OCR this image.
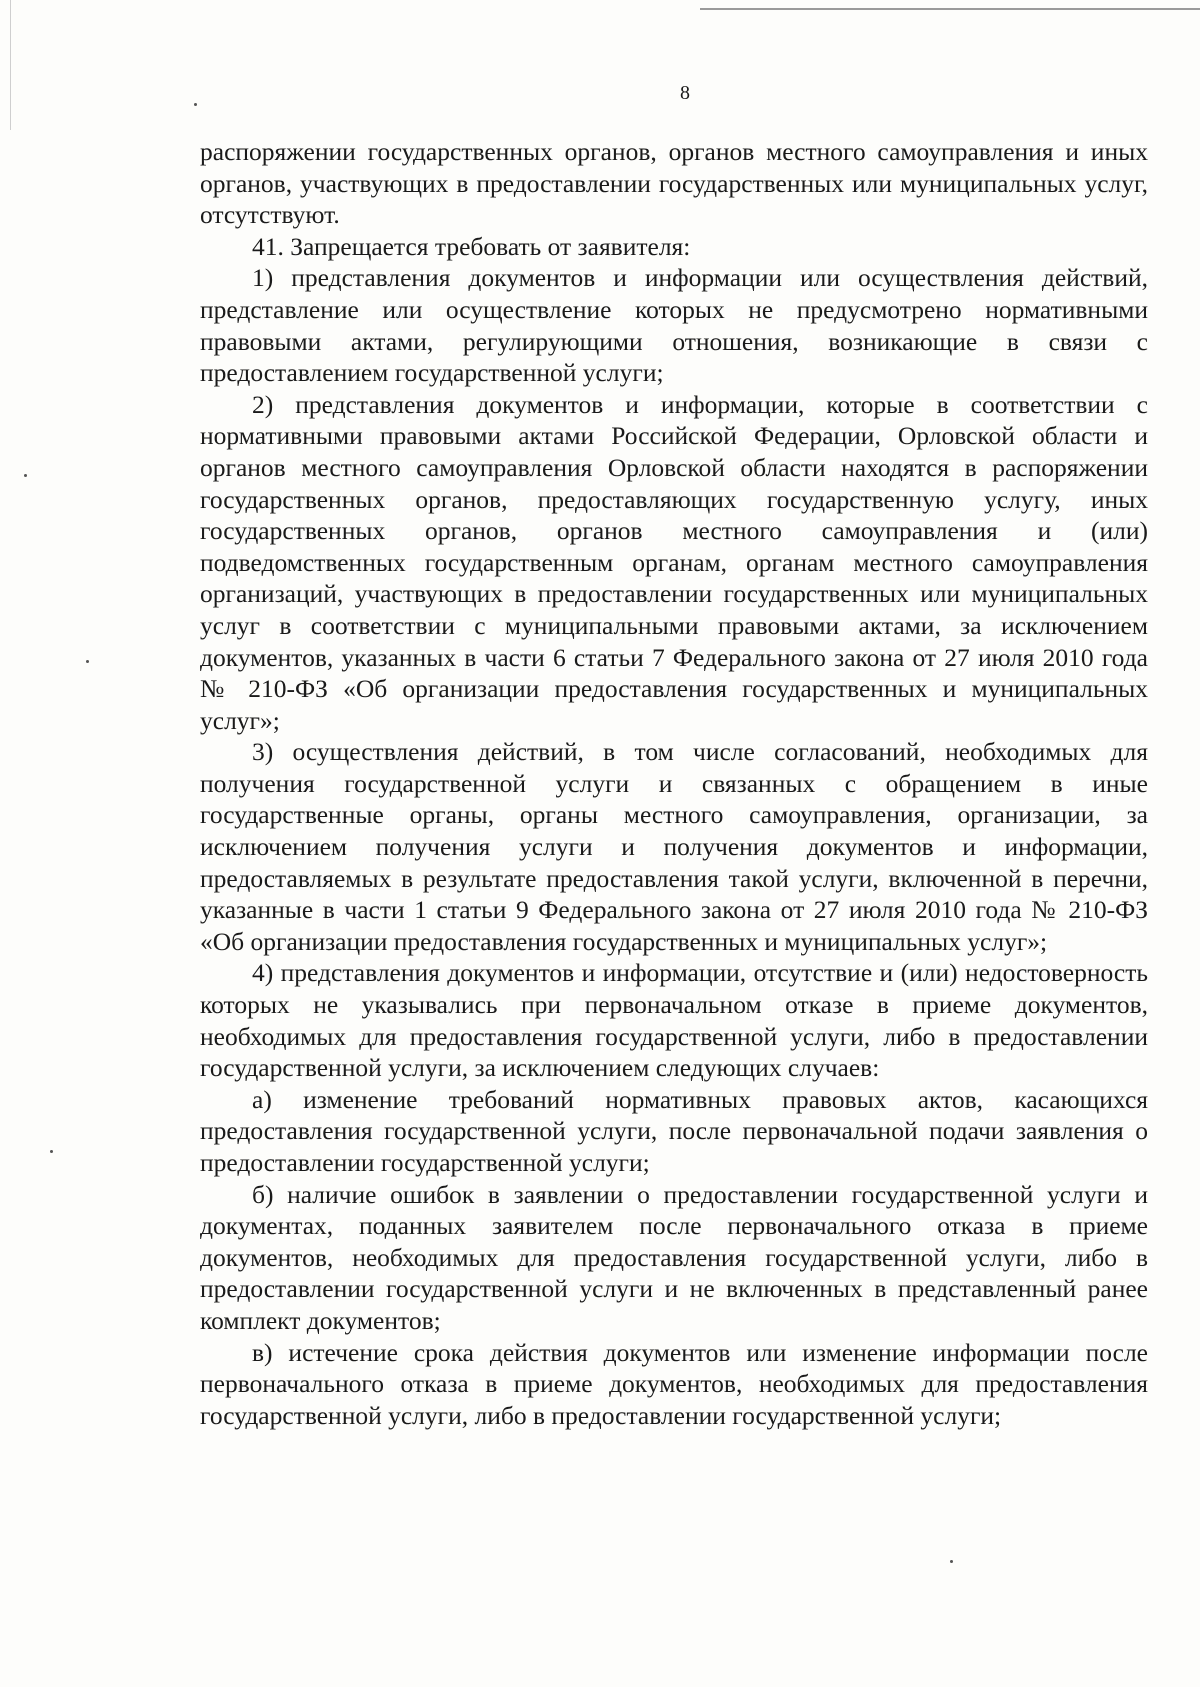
8

распоряжении государственных органов, органов местного самоуправления и иных органов, участвующих в предоставлении государственных или муниципальных услуг, отсутствуют.

41. Запрещается требовать от заявителя:

1) представления документов и информации или осуществления действий, представление или осуществление которых не предусмотрено нормативными правовыми актами, регулирующими отношения, возникающие в связи с предоставлением государственной услуги;

2) представления документов и информации, которые в соответствии с нормативными правовыми актами Российской Федерации, Орловской области и органов местного самоуправления Орловской области находятся в распоряжении государственных органов, предоставляющих государственную услугу, иных государственных органов, органов местного самоуправления и (или) подведомственных государственным органам, органам местного самоуправления организаций, участвующих в предоставлении государственных или муниципальных услуг в соответствии с муниципальными правовыми актами, за исключением документов, указанных в части 6 статьи 7 Федерального закона от 27 июля 2010 года № 210-ФЗ «Об организации предоставления государственных и муниципальных услуг»;

3) осуществления действий, в том числе согласований, необходимых для получения государственной услуги и связанных с обращением в иные государственные органы, органы местного самоуправления, организации, за исключением получения услуги и получения документов и информации, предоставляемых в результате предоставления такой услуги, включенной в перечни, указанные в части 1 статьи 9 Федерального закона от 27 июля 2010 года № 210-ФЗ «Об организации предоставления государственных и муниципальных услуг»;

4) представления документов и информации, отсутствие и (или) недостоверность которых не указывались при первоначальном отказе в приеме документов, необходимых для предоставления государственной услуги, либо в предоставлении государственной услуги, за исключением следующих случаев:

а) изменение требований нормативных правовых актов, касающихся предоставления государственной услуги, после первоначальной подачи заявления о предоставлении государственной услуги;

б) наличие ошибок в заявлении о предоставлении государственной услуги и документах, поданных заявителем после первоначального отказа в приеме документов, необходимых для предоставления государственной услуги, либо в предоставлении государственной услуги и не включенных в представленный ранее комплект документов;

в) истечение срока действия документов или изменение информации после первоначального отказа в приеме документов, необходимых для предоставления государственной услуги, либо в предоставлении государственной услуги;
